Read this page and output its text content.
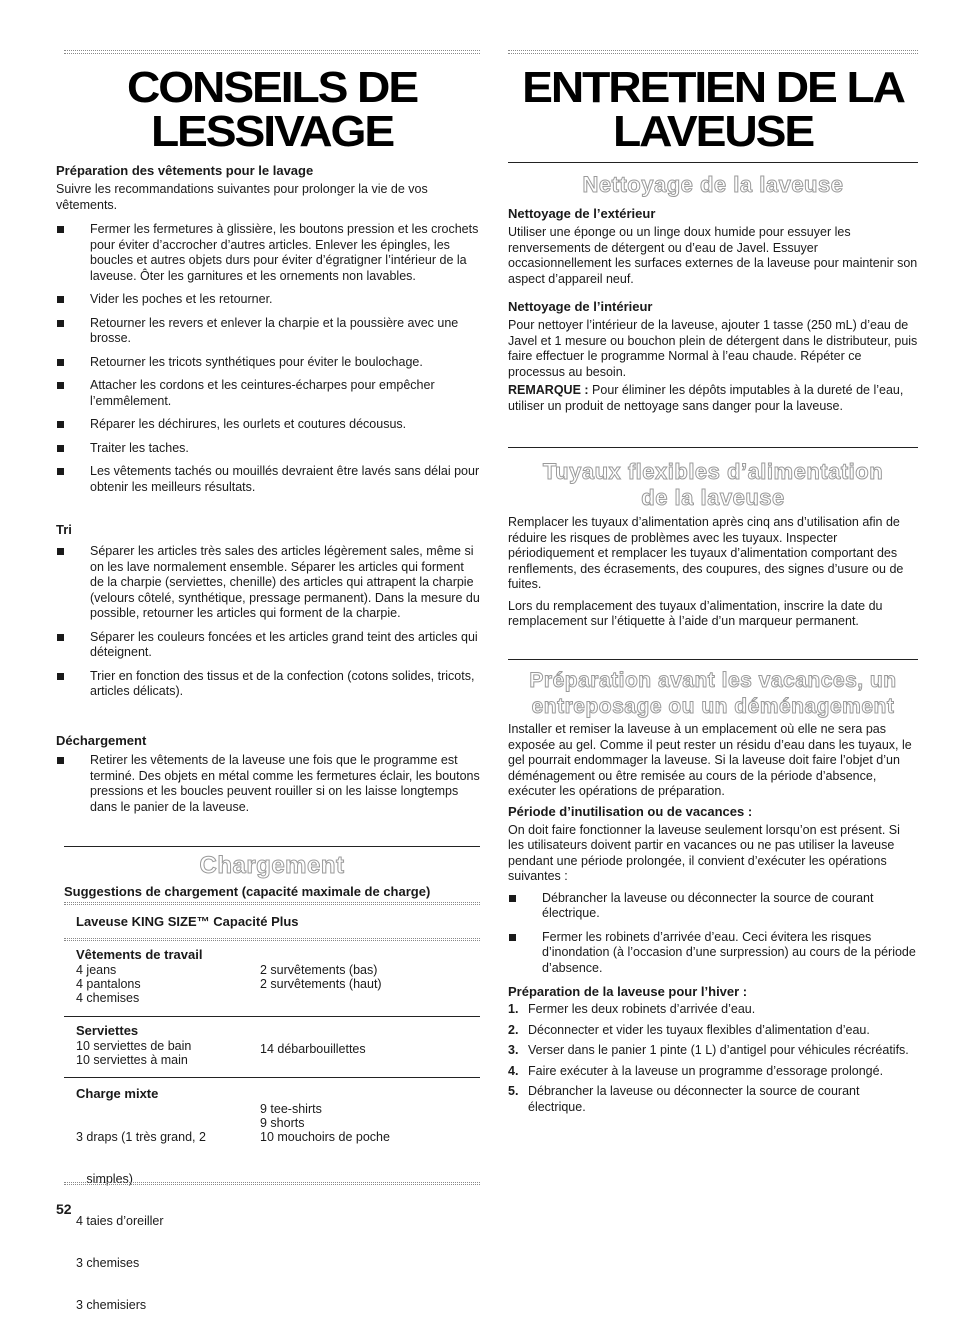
CONSEILS DE
LESSIVAGE
Préparation des vêtements pour le lavage

Suivre les recommandations suivantes pour prolonger la vie de vos vêtements.

Fermer les fermetures à glissière, les boutons pression et les crochets pour éviter d’accrocher d’autres articles. Enlever les épingles, les boucles et autres objets durs pour éviter d’égratigner l’intérieur de la laveuse. Ôter les garnitures et les ornements non lavables.
Vider les poches et les retourner.
Retourner les revers et enlever la charpie et la poussière avec une brosse.
Retourner les tricots synthétiques pour éviter le boulochage.
Attacher les cordons et les ceintures-écharpes pour empêcher l’emmêlement.
Réparer les déchirures, les ourlets et coutures décousus.
Traiter les taches.
Les vêtements tachés ou mouillés devraient être lavés sans délai pour obtenir les meilleurs résultats.
Tri
Séparer les articles très sales des articles légèrement sales, même si on les lave normalement ensemble. Séparer les articles qui forment de la charpie (serviettes, chenille) des articles qui attrapent la charpie (velours côtelé, synthétique, pressage permanent). Dans la mesure du possible, retourner les articles qui forment de la charpie.
Séparer les couleurs foncées et les articles grand teint des articles qui déteignent.
Trier en fonction des tissus et de la confection (cotons solides, tricots, articles délicats).
Déchargement
Retirer les vêtements de la laveuse une fois que le programme est terminé. Des objets en métal comme les fermetures éclair, les boutons pressions et les boucles peuvent rouiller si on les laisse longtemps dans le panier de la laveuse.
Chargement
Suggestions de chargement (capacité maximale de charge)
Laveuse KING SIZE™ Capacité Plus
Vêtements de travail
4 jeans
4 pantalons
4 chemises
2 survêtements (bas)
2 survêtements (haut)
Serviettes
10 serviettes de bain
10 serviettes à main
14 débarbouillettes
Charge mixte

3 draps (1 très grand, 2

simples)

4 taies d’oreiller

3 chemises

3 chemisiers

9 tee-shirts
9 shorts
10 mouchoirs de poche
52
ENTRETIEN DE LA
LAVEUSE
Nettoyage de la laveuse
Nettoyage de l’extérieur

Utiliser une éponge ou un linge doux humide pour essuyer les renversements de détergent ou d’eau de Javel. Essuyer occasionnellement les surfaces externes de la laveuse pour maintenir son aspect d’appareil neuf.

Nettoyage de l’intérieur

Pour nettoyer l’intérieur de la laveuse, ajouter 1 tasse (250 mL) d’eau de Javel et 1 mesure ou bouchon plein de détergent dans le distributeur, puis faire effectuer le programme Normal à l’eau chaude. Répéter ce processus au besoin.

REMARQUE : Pour éliminer les dépôts imputables à la dureté de l’eau, utiliser un produit de nettoyage sans danger pour la laveuse.

Tuyaux flexibles d’alimentation
de la laveuse

Remplacer les tuyaux d’alimentation après cinq ans d’utilisation afin de réduire les risques de problèmes avec les tuyaux. Inspecter périodiquement et remplacer les tuyaux d’alimentation comportant des renflements, des écrasements, des coupures, des signes d’usure ou de fuites.

Lors du remplacement des tuyaux d’alimentation, inscrire la date du remplacement sur l’étiquette à l’aide d’un marqueur permanent.

Préparation avant les vacances, un
entreposage ou un déménagement

Installer et remiser la laveuse à un emplacement où elle ne sera pas exposée au gel. Comme il peut rester un résidu d’eau dans les tuyaux, le gel pourrait endommager la laveuse. Si la laveuse doit faire l’objet d’un déménagement ou être remisée au cours de la période d’absence, exécuter les opérations de préparation.

Période d’inutilisation ou de vacances :

On doit faire fonctionner la laveuse seulement lorsqu’on est présent. Si les utilisateurs doivent partir en vacances ou ne pas utiliser la laveuse pendant une période prolongée, il convient d’exécuter les opérations suivantes :

Débrancher la laveuse ou déconnecter la source de courant électrique.
Fermer les robinets d’arrivée d’eau. Ceci évitera les risques d’inondation (à l’occasion d’une surpression) au cours de la période d’absence.
Préparation de la laveuse pour l’hiver :
1. Fermer les deux robinets d’arrivée d’eau.
2. Déconnecter et vider les tuyaux flexibles d’alimentation d’eau.
3. Verser dans le panier 1 pinte (1 L) d’antigel pour véhicules récréatifs.
4. Faire exécuter à la laveuse un programme d’essorage prolongé.
5. Débrancher la laveuse ou déconnecter la source de courant électrique.
